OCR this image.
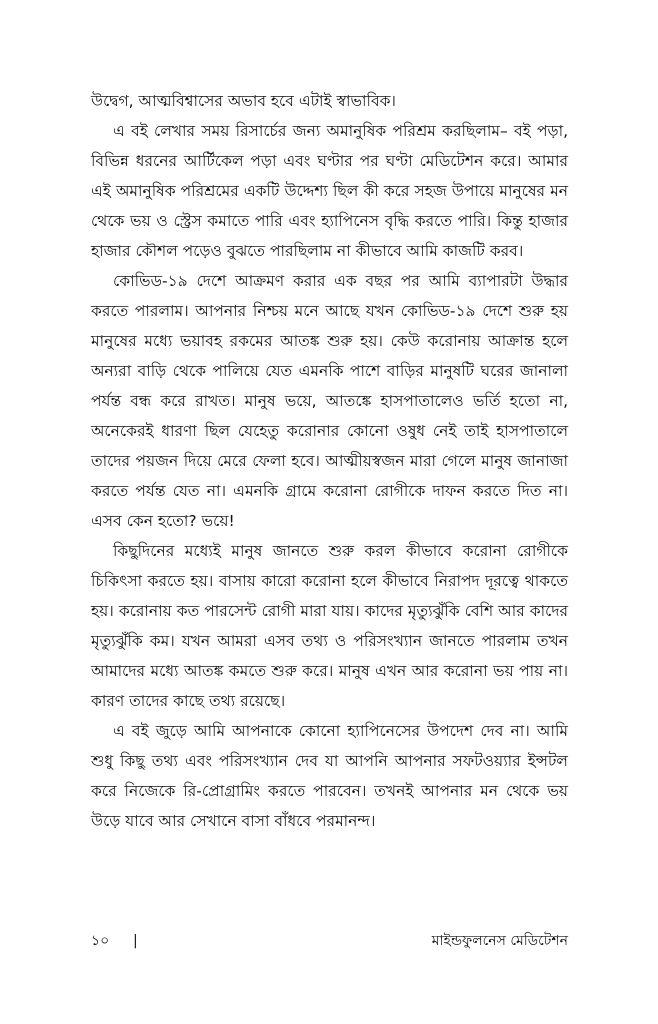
উদ্বেগ, আত্মবিশ্বাসের অভাব হবে এটাই স্বাভাবিক।

এ বই লেখার সময় রিসার্চের জন্য অমানুষিক পরিশ্রম করছিলাম– বই পড়া, বিভিন্ন ধরনের আর্টিকেল পড়া এবং ঘণ্টার পর ঘণ্টা মেডিটেশন করে। আমার এই অমানুষিক পরিশ্রমের একটি উদ্দেশ্য ছিল কী করে সহজ উপায়ে মানুষের মন থেকে ভয় ও স্ট্রেস কমাতে পারি এবং হ্যাপিনেস বৃদ্ধি করতে পারি। কিন্তু হাজার হাজার কৌশল পড়েও বুঝতে পারছিলাম না কীভাবে আমি কাজটি করব।

কোভিড-১৯ দেশে আক্রমণ করার এক বছর পর আমি ব্যাপারটা উদ্ধার করতে পারলাম। আপনার নিশ্চয় মনে আছে যখন কোভিড-১৯ দেশে শুরু হয় মানুষের মধ্যে ভয়াবহ রকমের আতঙ্ক শুরু হয়। কেউ করোনায় আক্রান্ত হলে অন্যরা বাড়ি থেকে পালিয়ে যেত এমনকি পাশে বাড়ির মানুষটি ঘরের জানালা পর্যন্ত বন্ধ করে রাখত। মানুষ ভয়ে, আতঙ্কে হাসপাতালেও ভর্তি হতো না, অনেকেরই ধারণা ছিল যেহেতু করোনার কোনো ওষুধ নেই তাই হাসপাতালে তাদের পয়জন দিয়ে মেরে ফেলা হবে। আত্মীয়স্বজন মারা গেলে মানুষ জানাজা করতে পর্যন্ত যেত না। এমনকি গ্রামে করোনা রোগীকে দাফন করতে দিত না। এসব কেন হতো? ভয়ে!

কিছুদিনের মধ্যেই মানুষ জানতে শুরু করল কীভাবে করোনা রোগীকে চিকিৎসা করতে হয়। বাসায় কারো করোনা হলে কীভাবে নিরাপদ দূরত্বে থাকতে হয়। করোনায় কত পারসেন্ট রোগী মারা যায়। কাদের মৃত্যুঝুঁকি বেশি আর কাদের মৃত্যুঝুঁকি কম। যখন আমরা এসব তথ্য ও পরিসংখ্যান জানতে পারলাম তখন আমাদের মধ্যে আতঙ্ক কমতে শুরু করে। মানুষ এখন আর করোনা ভয় পায় না। কারণ তাদের কাছে তথ্য রয়েছে।

এ বই জুড়ে আমি আপনাকে কোনো হ্যাপিনেসের উপদেশ দেব না। আমি শুধু কিছু তথ্য এবং পরিসংখ্যান দেব যা আপনি আপনার সফটওয়্যার ইন্সটল করে নিজেকে রি-প্রোগ্রামিং করতে পারবেন। তখনই আপনার মন থেকে ভয় উড়ে যাবে আর সেখানে বাসা বাঁধবে পরমানন্দ।

১০ |	মাইন্ডফুলনেস মেডিটেশন
